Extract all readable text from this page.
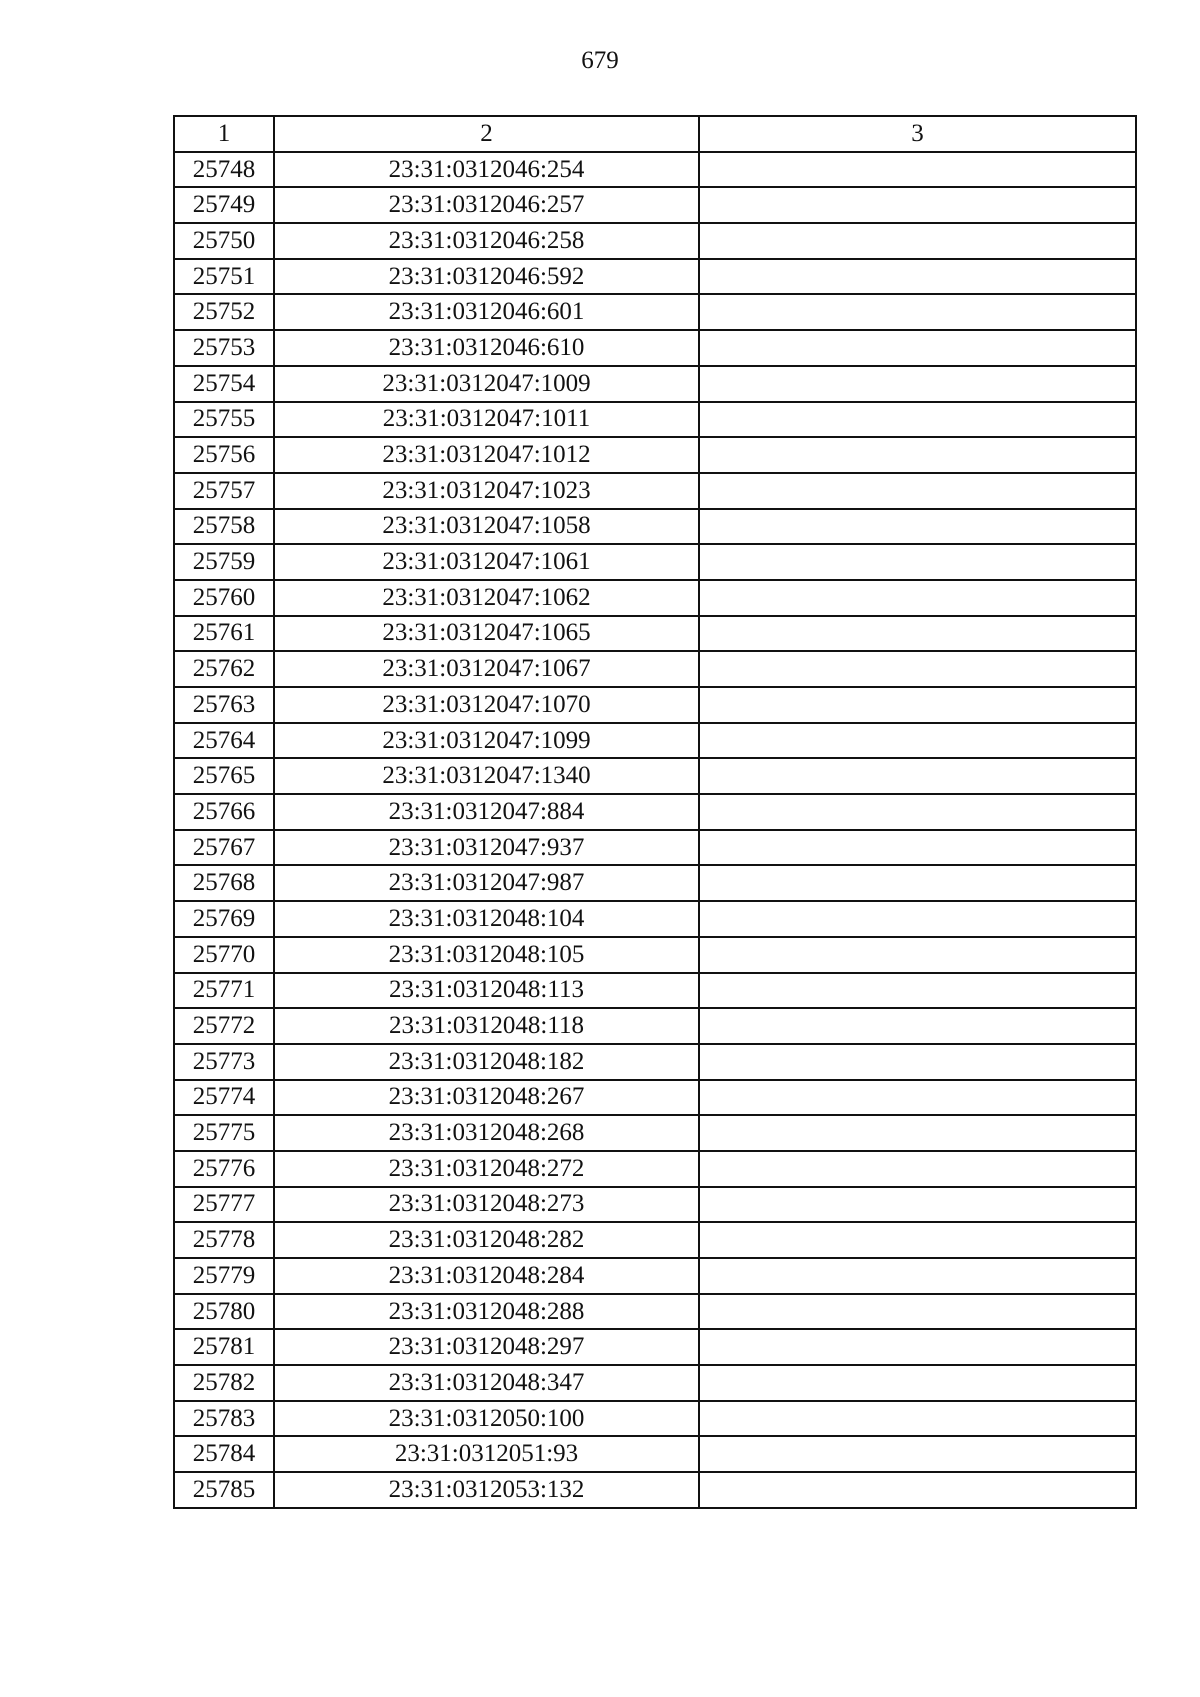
679
1	2	3
25748	23:31:0312046:254	
25749	23:31:0312046:257	
25750	23:31:0312046:258	
25751	23:31:0312046:592	
25752	23:31:0312046:601	
25753	23:31:0312046:610	
25754	23:31:0312047:1009	
25755	23:31:0312047:1011	
25756	23:31:0312047:1012	
25757	23:31:0312047:1023	
25758	23:31:0312047:1058	
25759	23:31:0312047:1061	
25760	23:31:0312047:1062	
25761	23:31:0312047:1065	
25762	23:31:0312047:1067	
25763	23:31:0312047:1070	
25764	23:31:0312047:1099	
25765	23:31:0312047:1340	
25766	23:31:0312047:884	
25767	23:31:0312047:937	
25768	23:31:0312047:987	
25769	23:31:0312048:104	
25770	23:31:0312048:105	
25771	23:31:0312048:113	
25772	23:31:0312048:118	
25773	23:31:0312048:182	
25774	23:31:0312048:267	
25775	23:31:0312048:268	
25776	23:31:0312048:272	
25777	23:31:0312048:273	
25778	23:31:0312048:282	
25779	23:31:0312048:284	
25780	23:31:0312048:288	
25781	23:31:0312048:297	
25782	23:31:0312048:347	
25783	23:31:0312050:100	
25784	23:31:0312051:93	
25785	23:31:0312053:132	
